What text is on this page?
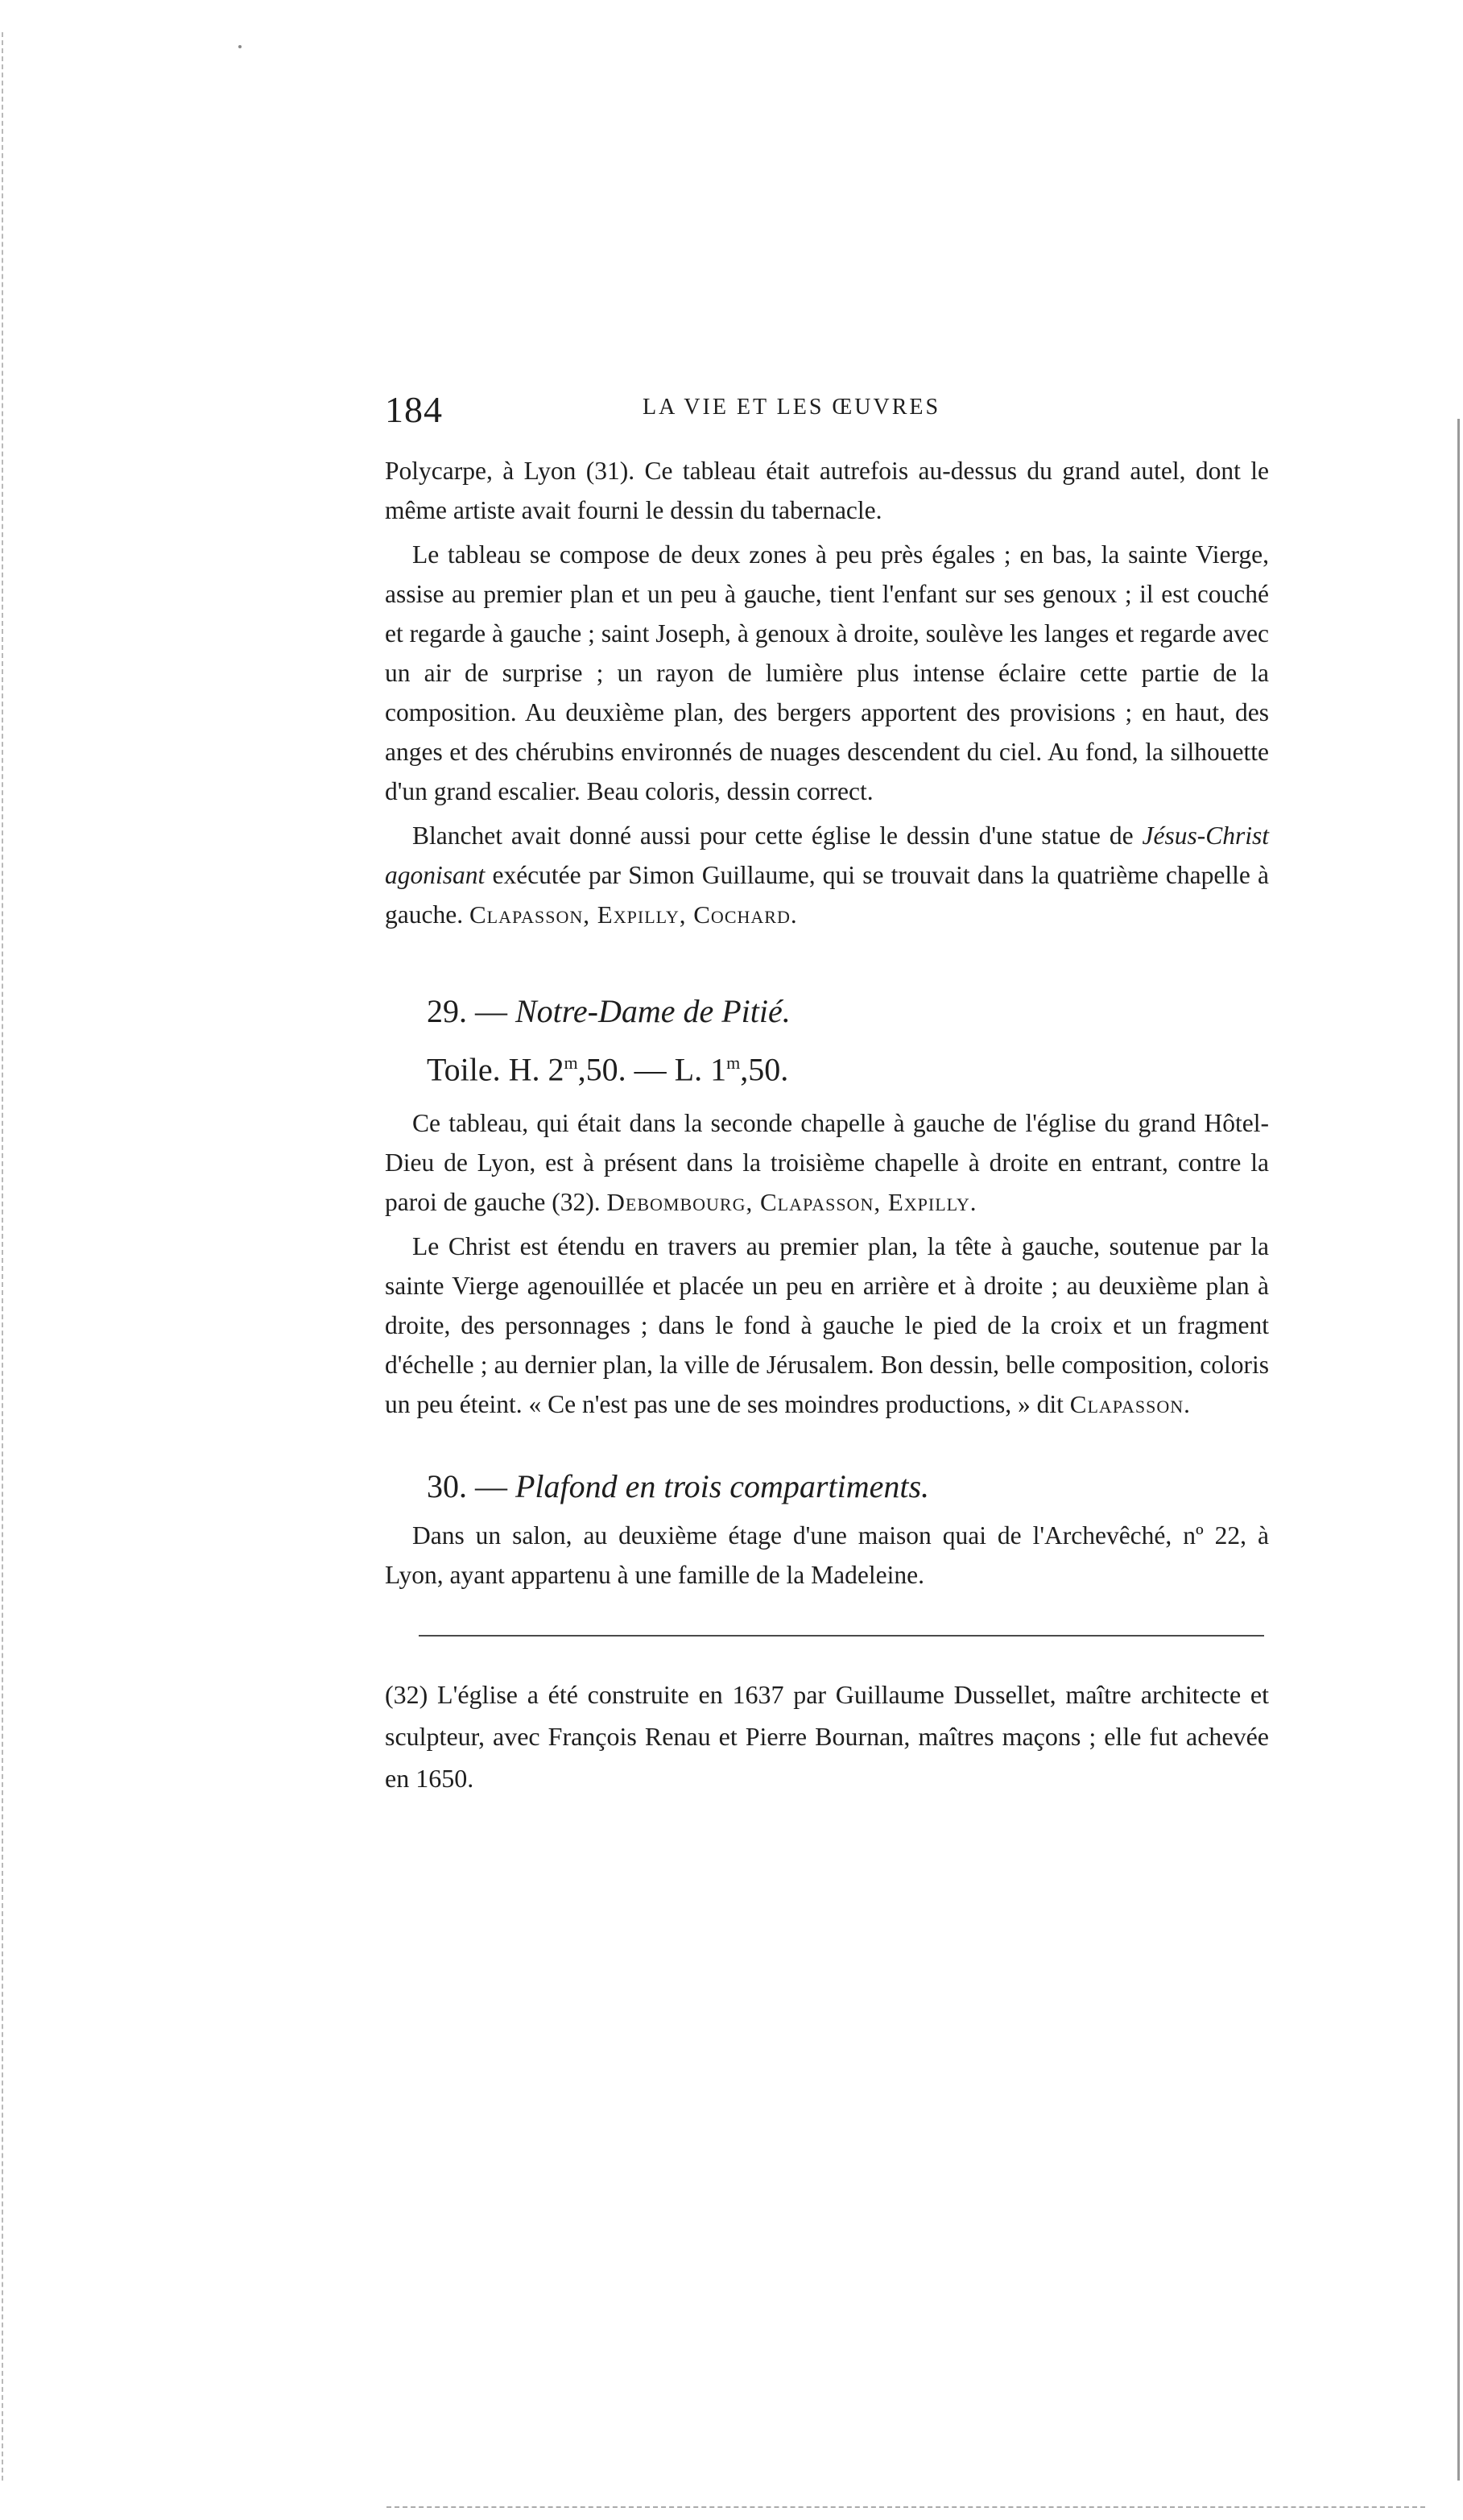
184	LA VIE ET LES ŒUVRES

Polycarpe, à Lyon (31). Ce tableau était autrefois au-dessus du grand autel, dont le même artiste avait fourni le dessin du tabernacle.

Le tableau se compose de deux zones à peu près égales ; en bas, la sainte Vierge, assise au premier plan et un peu à gauche, tient l'enfant sur ses genoux ; il est couché et regarde à gauche ; saint Joseph, à genoux à droite, soulève les langes et regarde avec un air de surprise ; un rayon de lumière plus intense éclaire cette partie de la composition. Au deuxième plan, des bergers apportent des provisions ; en haut, des anges et des chérubins environnés de nuages descendent du ciel. Au fond, la silhouette d'un grand escalier. Beau coloris, dessin correct.

Blanchet avait donné aussi pour cette église le dessin d'une statue de Jésus-Christ agonisant exécutée par Simon Guillaume, qui se trouvait dans la quatrième chapelle à gauche. Clapasson, Expilly, Cochard.

29. — Notre-Dame de Pitié.
Toile. H. 2$^m$,50. — L. 1$^m$,50.

Ce tableau, qui était dans la seconde chapelle à gauche de l'église du grand Hôtel-Dieu de Lyon, est à présent dans la troisième chapelle à droite en entrant, contre la paroi de gauche (32). Debombourg, Clapasson, Expilly.

Le Christ est étendu en travers au premier plan, la tête à gauche, soutenue par la sainte Vierge agenouillée et placée un peu en arrière et à droite ; au deuxième plan à droite, des personnages ; dans le fond à gauche le pied de la croix et un fragment d'échelle ; au dernier plan, la ville de Jérusalem. Bon dessin, belle composition, coloris un peu éteint. « Ce n'est pas une de ses moindres productions, » dit Clapasson.

30. — Plafond en trois compartiments.

Dans un salon, au deuxième étage d'une maison quai de l'Archevêché, nº 22, à Lyon, ayant appartenu à une famille de la Madeleine.

(32) L'église a été construite en 1637 par Guillaume Dussellet, maître architecte et sculpteur, avec François Renau et Pierre Bournan, maîtres maçons ; elle fut achevée en 1650.
